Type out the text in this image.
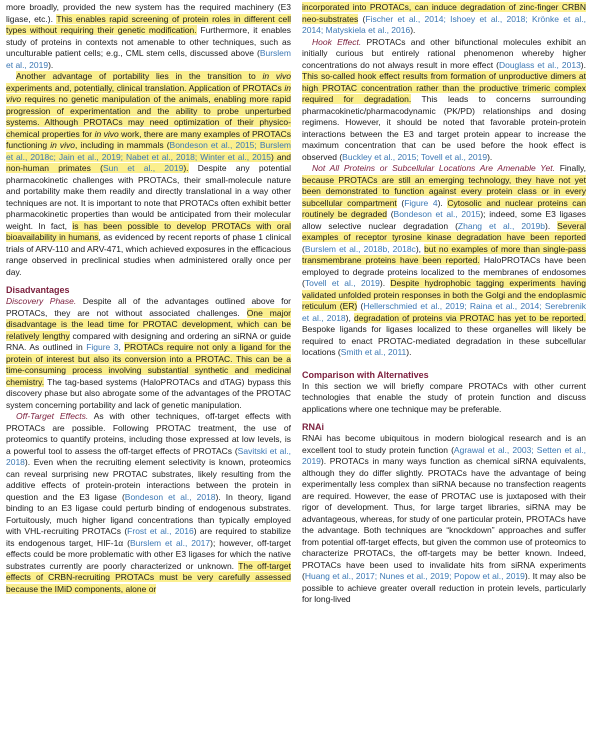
more broadly, provided the new system has the required machinery (E3 ligase, etc.). This enables rapid screening of protein roles in different cell types without requiring their genetic modification. Furthermore, it enables study of proteins in contexts not amenable to other techniques, such as unculturable patient cells; e.g., CML stem cells, discussed above (Burslem et al., 2019).

Another advantage of portability lies in the transition to in vivo experiments and, potentially, clinical translation. Application of PROTACs in vivo requires no genetic manipulation of the animals, enabling more rapid progression of experimentation and the ability to probe unperturbed systems. Although PROTACs may need optimization of their physico-chemical properties for in vivo work, there are many examples of PROTACs functioning in vivo, including in mammals (Bondeson et al., 2015; Burslem et al., 2018c; Jain et al., 2019; Nabet et al., 2018; Winter et al., 2015) and non-human primates (Sun et al., 2019). Despite any potential pharmacokinetic challenges with PROTACs, their small-molecule nature and portability make them readily and directly translational in a way other techniques are not. It is important to note that PROTACs often exhibit better pharmacokinetic properties than would be anticipated from their molecular weight. In fact, is has been possible to develop PROTACs with oral bioavailability in humans, as evidenced by recent reports of phase 1 clinical trials of ARV-110 and ARV-471, which achieved exposures in the efficacious range observed in preclinical studies when administered orally once per day.

Disadvantages

Discovery Phase. Despite all of the advantages outlined above for PROTACs, they are not without associated challenges. One major disadvantage is the lead time for PROTAC development, which can be relatively lengthy compared with designing and ordering an siRNA or guide RNA. As outlined in Figure 3, PROTACs require not only a ligand for the protein of interest but also its conversion into a PROTAC. This can be a time-consuming process involving substantial synthetic and medicinal chemistry. The tag-based systems (HaloPROTACs and dTAG) bypass this discovery phase but also abrogate some of the advantages of the PROTAC system concerning portability and lack of genetic manipulation.

Off-Target Effects. As with other techniques, off-target effects with PROTACs are possible. Following PROTAC treatment, the use of proteomics to quantify proteins, including those expressed at low levels, is a powerful tool to assess the off-target effects of PROTACs (Savitski et al., 2018). Even when the recruiting element selectivity is known, proteomics can reveal surprising new PROTAC substrates, likely resulting from the additive effects of protein-protein interactions between the protein in question and the E3 ligase (Bondeson et al., 2018). In theory, ligand binding to an E3 ligase could perturb binding of endogenous substrates. Fortuitously, much higher ligand concentrations than typically employed with VHL-recruiting PROTACs (Frost et al., 2016) are required to stabilize its endogenous target, HIF-1α (Burslem et al., 2017); however, off-target effects could be more problematic with other E3 ligases for which the native substrates currently are poorly characterized or unknown. The off-target effects of CRBN-recruiting PROTACs must be very carefully assessed because the IMiD components, alone or

incorporated into PROTACs, can induce degradation of zinc-finger CRBN neo-substrates (Fischer et al., 2014; Ishoey et al., 2018; Krönke et al., 2014; Matyskiela et al., 2016).

Hook Effect. PROTACs and other bifunctional molecules exhibit an initially curious but entirely rational phenomenon whereby higher concentrations do not always result in more effect (Douglass et al., 2013). This so-called hook effect results from formation of unproductive dimers at high PROTAC concentration rather than the productive trimeric complex required for degradation. This leads to concerns surrounding pharmacokinetic/pharmacodynamic (PK/PD) relationships and dosing regimens. However, it should be noted that favorable protein-protein interactions between the E3 and target protein appear to increase the maximum concentration that can be used before the hook effect is observed (Buckley et al., 2015; Tovell et al., 2019).

Not All Proteins or Subcellular Locations Are Amenable Yet. Finally, because PROTACs are still an emerging technology, they have not yet been demonstrated to function against every protein class or in every subcellular compartment (Figure 4). Cytosolic and nuclear proteins can routinely be degraded (Bondeson et al., 2015); indeed, some E3 ligases allow selective nuclear degradation (Zhang et al., 2019b). Several examples of receptor tyrosine kinase degradation have been reported (Burslem et al., 2018b, 2018c), but no examples of more than single-pass transmembrane proteins have been reported. HaloPROTACs have been employed to degrade proteins localized to the membranes of endosomes (Tovell et al., 2019). Despite hydrophobic tagging experiments having validated unfolded protein responses in both the Golgi and the endoplasmic reticulum (ER) (Hellerschmied et al., 2019; Raina et al., 2014; Serebrenik et al., 2018), degradation of proteins via PROTAC has yet to be reported. Bespoke ligands for ligases localized to these organelles will likely be required to enact PROTAC-mediated degradation in these subcellular locations (Smith et al., 2011).

Comparison with Alternatives

In this section we will briefly compare PROTACs with other current technologies that enable the study of protein function and discuss applications where one technique may be preferable.

RNAi

RNAi has become ubiquitous in modern biological research and is an excellent tool to study protein function (Agrawal et al., 2003; Setten et al., 2019). PROTACs in many ways function as chemical siRNA equivalents, although they do differ slightly. PROTACs have the advantage of being experimentally less complex than siRNA because no transfection reagents are required. However, the ease of PROTAC use is juxtaposed with their rigor of development. Thus, for large target libraries, siRNA may be advantageous, whereas, for study of one particular protein, PROTACs have the advantage. Both techniques are “knockdown” approaches and suffer from potential off-target effects, but given the common use of proteomics to characterize PROTACs, the off-targets may be better known. Indeed, PROTACs have been used to invalidate hits from siRNA experiments (Huang et al., 2017; Nunes et al., 2019; Popow et al., 2019). It may also be possible to achieve greater overall reduction in protein levels, particularly for long-lived
